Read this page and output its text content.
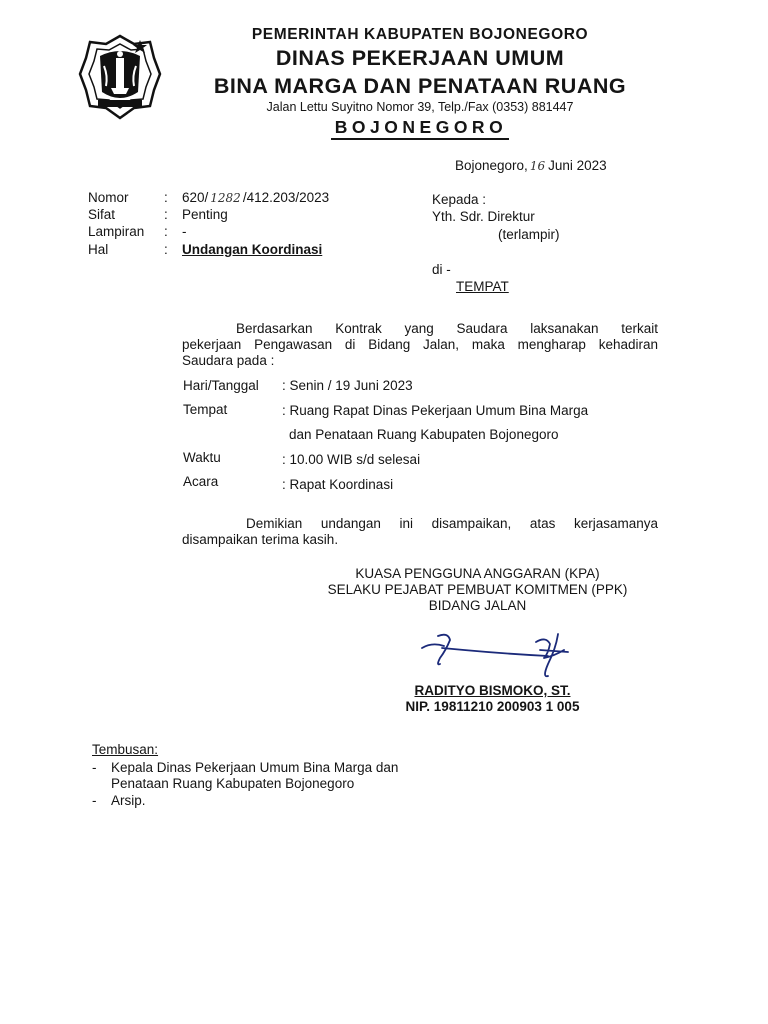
PEMERINTAH KABUPATEN BOJONEGORO
DINAS PEKERJAAN UMUM
BINA MARGA DAN PENATAAN RUANG
Jalan Lettu Suyitno Nomor 39, Telp./Fax (0353) 881447
BOJONEGORO
Bojonegoro, 16 Juni 2023
Nomor	: 620/ 1282 /412.203/2023
Sifat	: Penting
Lampiran : -
Hal	: Undangan Koordinasi
Kepada :
Yth. Sdr. Direktur
(terlampir)
di -
TEMPAT
Berdasarkan Kontrak yang Saudara laksanakan terkait
pekerjaan Pengawasan di Bidang Jalan, maka mengharap kehadiran
Saudara pada :
Hari/Tanggal : Senin / 19 Juni 2023
Tempat	: Ruang Rapat Dinas Pekerjaan Umum Bina Marga
dan Penataan Ruang Kabupaten Bojonegoro
Waktu	: 10.00 WIB s/d selesai
Acara	: Rapat Koordinasi
Demikian undangan ini disampaikan, atas kerjasamanya
disampaikan terima kasih.
KUASA PENGGUNA ANGGARAN (KPA)
SELAKU PEJABAT PEMBUAT KOMITMEN (PPK)
BIDANG JALAN
RADITYO BISMOKO, ST.
NIP. 19811210 200903 1 005
Tembusan:
- Kepala Dinas Pekerjaan Umum Bina Marga dan
Penataan Ruang Kabupaten Bojonegoro
- Arsip.
